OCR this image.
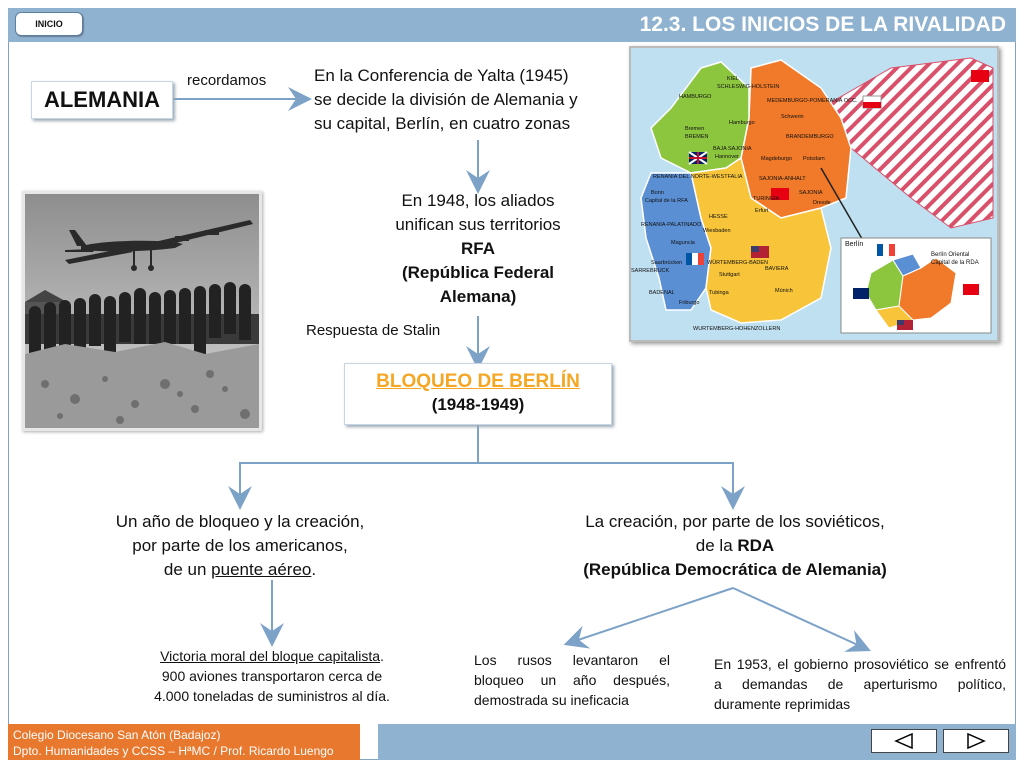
INICIO	12.3. LOS INICIOS DE LA RIVALIDAD
ALEMANIA
recordamos	En la Conferencia de Yalta (1945)
se decide la división de Alemania y
su capital, Berlín, en cuatro zonas
En 1948, los aliados
unifican sus territorios
RFA
(República Federal
Alemana)
Respuesta de Stalin
BLOQUEO DE BERLÍN
(1948-1949)
Un año de bloqueo y la creación,
por parte de los americanos,
de un puente aéreo.
La creación, por parte de los soviéticos,
de la RDA
(República Democrática de Alemania)
Victoria moral del bloque capitalista.
900 aviones transportaron cerca de
4.000 toneladas de suministros al día.
Los rusos levantaron el bloqueo un año después, demostrada su ineficacia
En 1953, el gobierno prosoviético se enfrentó a demandas de aperturismo político, duramente reprimidas
KIEL
SCHLESWIG-HOLSTEIN
HAMBURGO
Hamburgo
MEDEMBURGO-POMERANIA OCC.
Schwerin
BRANDEMBURGO
Bremen
BREMEN
BAJA SAJONIA
Hannover	Magdeburgo Potsdam
RENANIA DEL NORTE-WESTFALIA
Bonn
Capital de la RFA
SAJONIA-ANHALT
TURINGIA
Erfurt
SAJONIA
Dresde
HESSE
Wiesbaden
RENANIA-PALATINADO
Maguncia
Saarbrücken
SARREBRUCK
WÜRTEMBERG-BADEN
Stuttgart
BAVIERA
Múnich
BADENAL
Friburgo
Tubinga
WURTEMBERG-HOHENZOLLERN
Berlín
Berlín Oriental
Capital de la RDA
Colegio Diocesano San Atón (Badajoz)
Dpto. Humanidades y CCSS – HªMC / Prof. Ricardo Luengo
